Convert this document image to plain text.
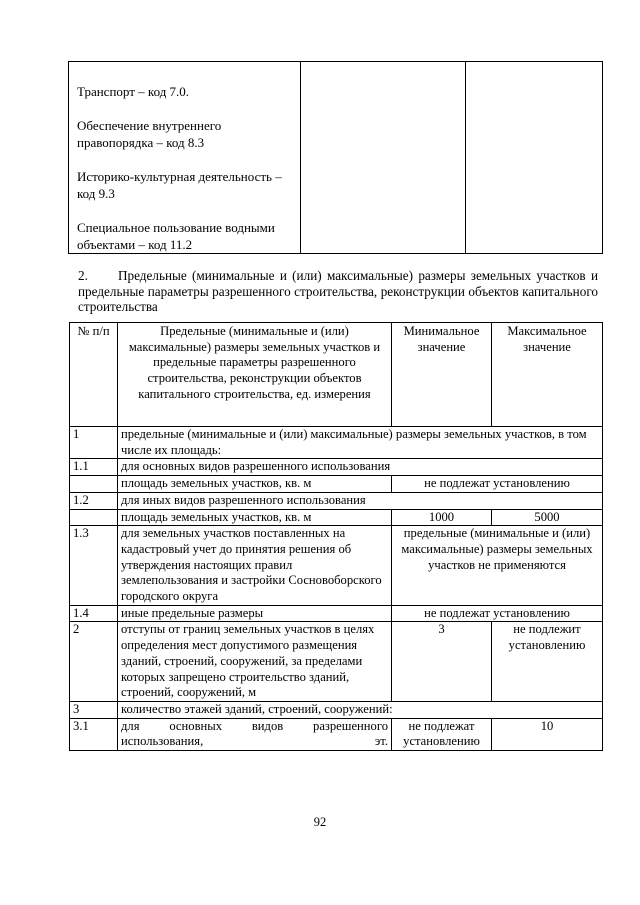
Транспорт – код 7.0.

Обеспечение внутреннего правопорядка – код 8.3

Историко-культурная деятельность – код 9.3

Специальное пользование водными объектами – код 11.2

2. Предельные (минимальные и (или) максимальные) размеры земельных участков и предельные параметры разрешенного строительства, реконструкции объектов капитального строительства
№ п/п	Предельные (минимальные и (или) максимальные) размеры земельных участков и предельные параметры разрешенного строительства, реконструкции объектов капитального строительства, ед. измерения	Минимальное значение	Максимальное значение
1	предельные (минимальные и (или) максимальные) размеры земельных участков, в том числе их площадь:		
1.1	для основных видов разрешенного использования		
	площадь земельных участков, кв. м	не подлежат установлению	
1.2	для иных видов разрешенного использования		
	площадь земельных участков, кв. м	1000	5000
1.3	для земельных участков поставленных на кадастровый учет до принятия решения об утверждения настоящих правил землепользования и застройки Сосновоборского городского округа	предельные (минимальные и (или) максимальные) размеры земельных участков не применяются	
1.4	иные предельные размеры	не подлежат установлению	
2	отступы от границ земельных участков в целях определения мест допустимого размещения зданий, строений, сооружений, за пределами которых запрещено строительство зданий, строений, сооружений, м	3	не подлежит установлению
3	количество этажей зданий, строений, сооружений:		
3.1	для основных видов разрешенного использования, эт.	не подлежат установлению	10
92
